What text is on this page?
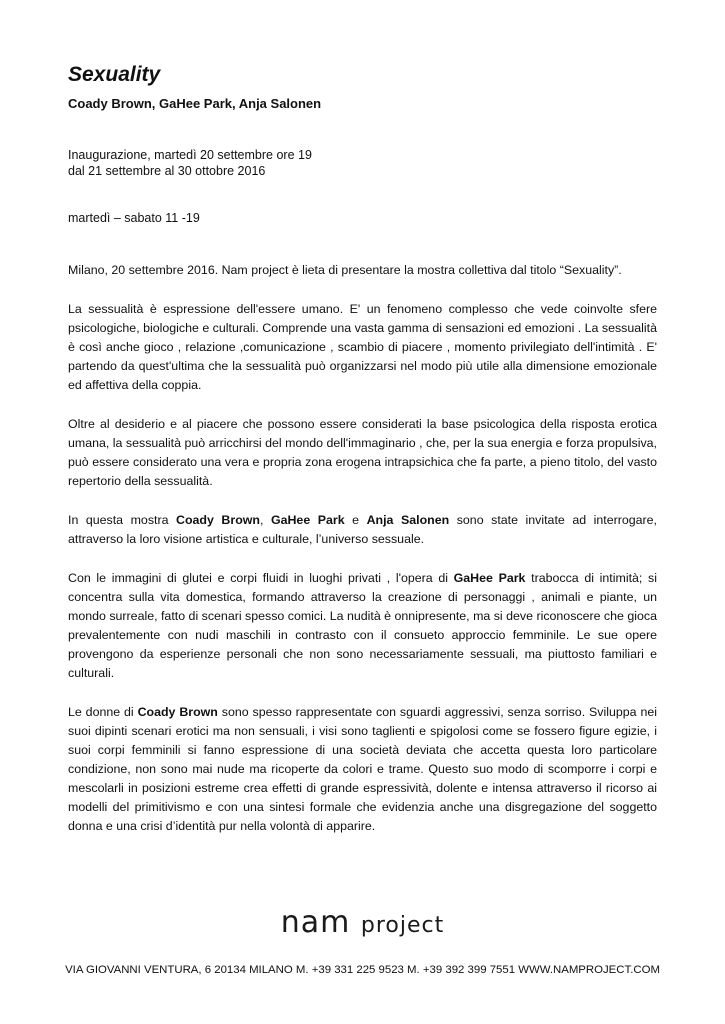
Sexuality
Coady Brown, GaHee Park, Anja Salonen
Inaugurazione, martedì 20 settembre ore 19
dal 21 settembre al 30 ottobre 2016
martedì – sabato 11 -19

Milano, 20 settembre 2016. Nam project è lieta di presentare la mostra collettiva dal titolo “Sexuality”.

La sessualità è espressione dell'essere umano. E' un fenomeno complesso che vede coinvolte sfere psicologiche, biologiche e culturali. Comprende una vasta gamma di sensazioni ed emozioni . La sessualità è così anche gioco , relazione ,comunicazione , scambio di piacere , momento privilegiato dell'intimità . E' partendo da quest'ultima che la sessualità può organizzarsi nel modo più utile alla dimensione emozionale ed affettiva della coppia.

Oltre al desiderio e al piacere che possono essere considerati la base psicologica della risposta erotica umana, la sessualità può arricchirsi del mondo dell'immaginario , che, per la sua energia e forza propulsiva, può essere considerato una vera e propria zona erogena intrapsichica che fa parte, a pieno titolo, del vasto repertorio della sessualità.

In questa mostra Coady Brown, GaHee Park e Anja Salonen sono state invitate ad interrogare, attraverso la loro visione artistica e culturale, l’universo sessuale.

Con le immagini di glutei e corpi fluidi in luoghi privati , l'opera di GaHee Park trabocca di intimità; si concentra sulla vita domestica, formando attraverso la creazione di personaggi , animali e piante, un mondo surreale, fatto di scenari spesso comici. La nudità è onnipresente, ma si deve riconoscere che gioca prevalentemente con nudi maschili in contrasto con il consueto approccio femminile. Le sue opere provengono da esperienze personali che non sono necessariamente sessuali, ma piuttosto familiari e culturali.

Le donne di Coady Brown sono spesso rappresentate con sguardi aggressivi, senza sorriso. Sviluppa nei suoi dipinti scenari erotici ma non sensuali, i visi sono taglienti e spigolosi come se fossero figure egizie, i suoi corpi femminili si fanno espressione di una società deviata che accetta questa loro particolare condizione, non sono mai nude ma ricoperte da colori e trame. Questo suo modo di scomporre i corpi e mescolarli in posizioni estreme crea effetti di grande espressività, dolente e intensa attraverso il ricorso ai modelli del primitivismo e con una sintesi formale che evidenzia anche una disgregazione del soggetto donna e una crisi d’identità pur nella volontà di apparire.

nam project
VIA GIOVANNI VENTURA, 6 20134 MILANO M. +39 331 225 9523 M. +39 392 399 7551 WWW.NAMPROJECT.COM
